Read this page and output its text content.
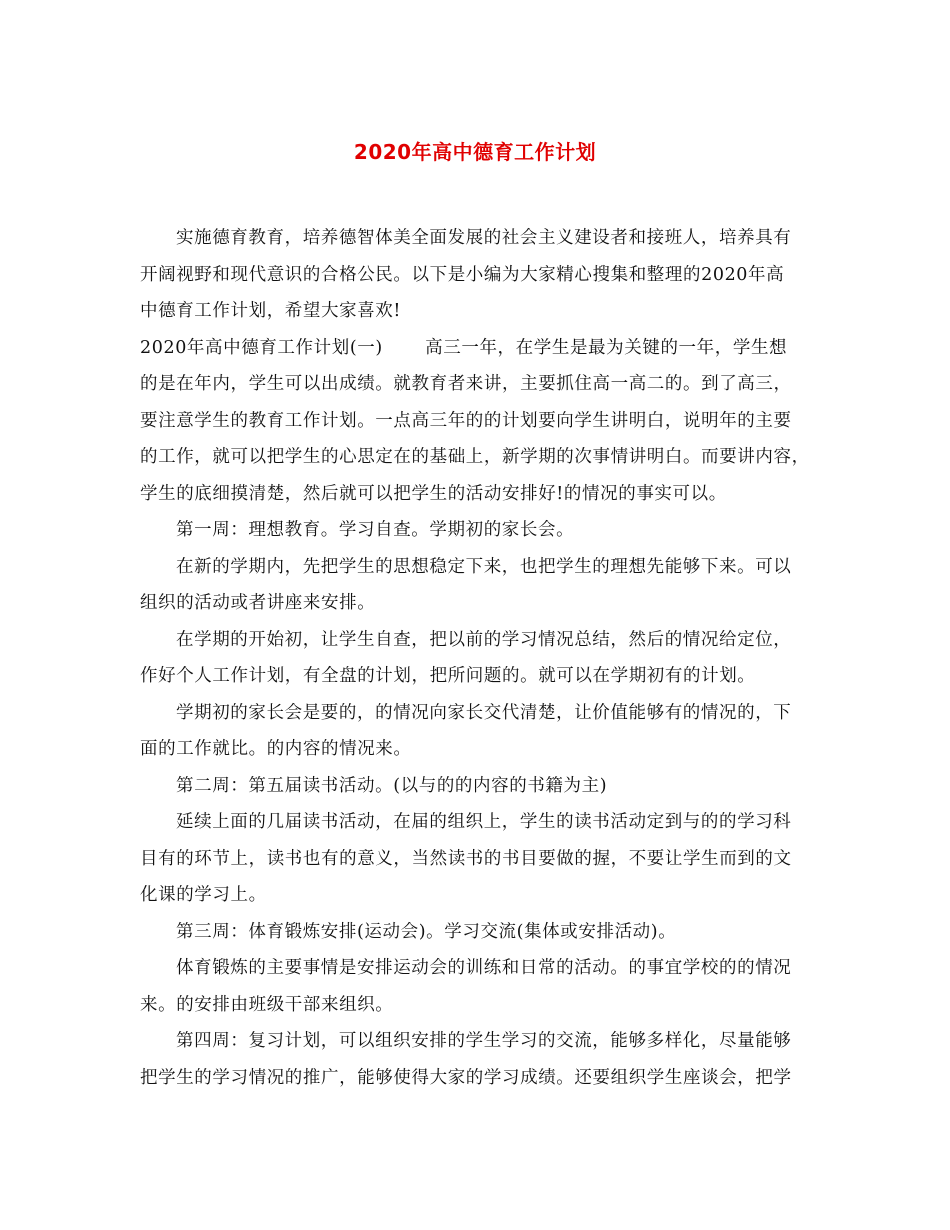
2020年高中德育工作计划
实施德育教育，培养德智体美全面发展的社会主义建设者和接班人，培养具有
开阔视野和现代意识的合格公民。以下是小编为大家精心搜集和整理的2020年高
中德育工作计划，希望大家喜欢!
2020年高中德育工作计划(一)　　 高三一年，在学生是最为关键的一年，学生想
的是在年内，学生可以出成绩。就教育者来讲，主要抓住高一高二的。到了高三，
要注意学生的教育工作计划。一点高三年的的计划要向学生讲明白，说明年的主要
的工作，就可以把学生的心思定在的基础上，新学期的次事情讲明白。而要讲内容，
学生的底细摸清楚，然后就可以把学生的活动安排好!的情况的事实可以。
第一周：理想教育。学习自查。学期初的家长会。
在新的学期内，先把学生的思想稳定下来，也把学生的理想先能够下来。可以
组织的活动或者讲座来安排。
在学期的开始初，让学生自查，把以前的学习情况总结，然后的情况给定位，
作好个人工作计划，有全盘的计划，把所问题的。就可以在学期初有的计划。
学期初的家长会是要的，的情况向家长交代清楚，让价值能够有的情况的，下
面的工作就比。的内容的情况来。
第二周：第五届读书活动。(以与的的内容的书籍为主)
延续上面的几届读书活动，在届的组织上，学生的读书活动定到与的的学习科
目有的环节上，读书也有的意义，当然读书的书目要做的握，不要让学生而到的文
化课的学习上。
第三周：体育锻炼安排(运动会)。学习交流(集体或安排活动)。
体育锻炼的主要事情是安排运动会的训练和日常的活动。的事宜学校的的情况
来。的安排由班级干部来组织。
第四周：复习计划，可以组织安排的学生学习的交流，能够多样化，尽量能够
把学生的学习情况的推广，能够使得大家的学习成绩。还要组织学生座谈会，把学
